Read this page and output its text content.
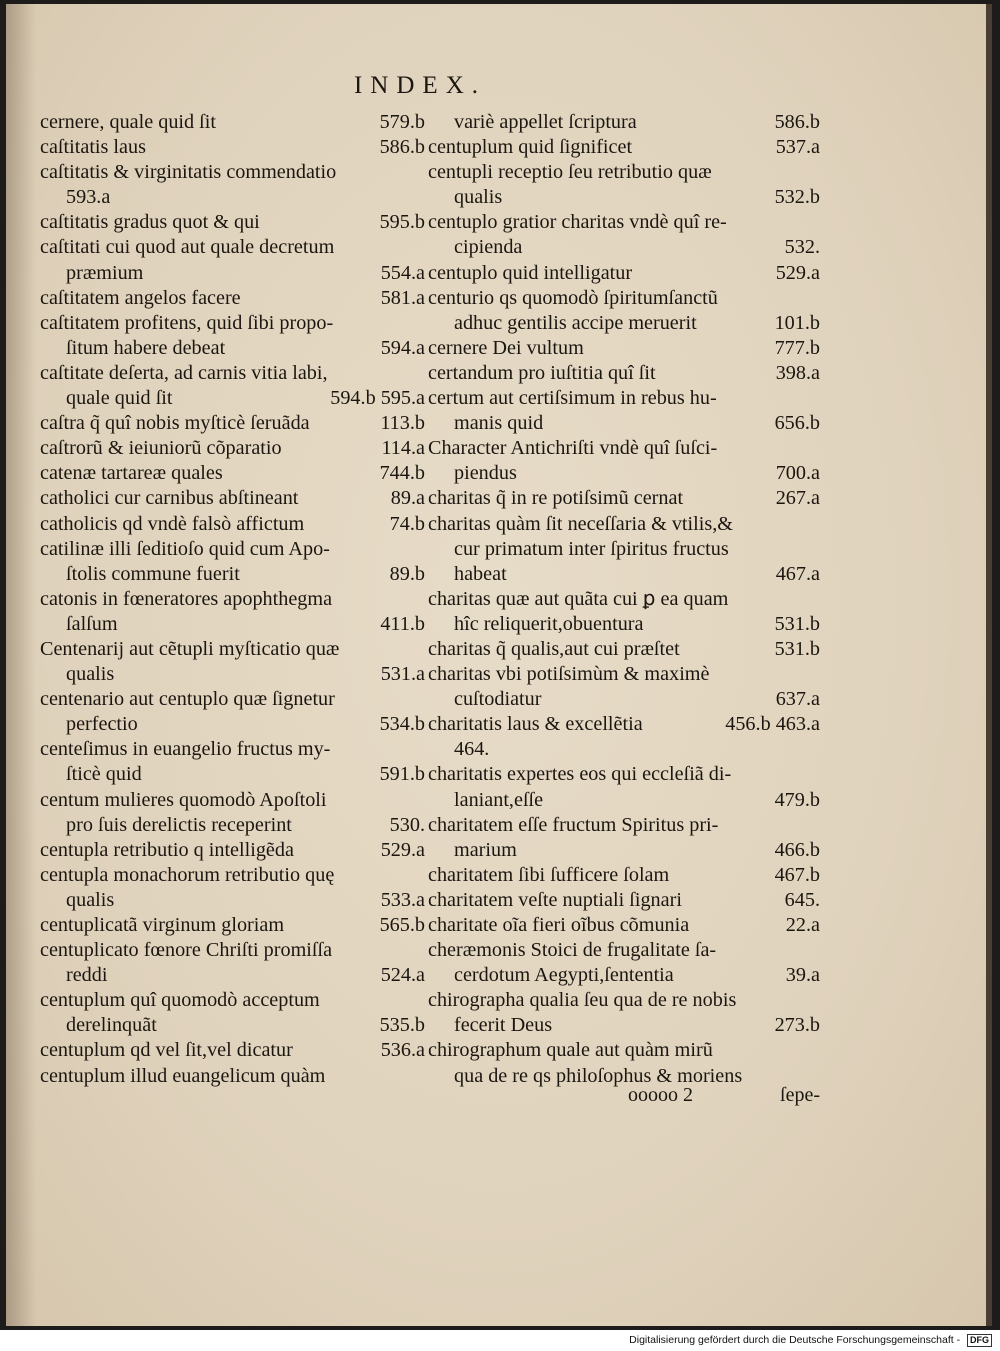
INDEX.
cernere, quale quid ſit	579.b
caſtitatis laus	586.b
caſtitatis & virginitatis commendatio
593.a
caſtitatis gradus quot & qui	595.b
caſtitati cui quod aut quale decretum
præmium	554.a
caſtitatem angelos facere	581.a
caſtitatem profitens, quid ſibi propo-
ſitum habere debeat	594.a
caſtitate deſerta, ad carnis vitia labi,
quale quid ſit	594.b 595.a
caſtra q̃ quî nobis myſticè ſeruãda	113.b
caſtrorũ & ieiuniorũ cõparatio	114.a
catenæ tartareæ quales	744.b
catholici cur carnibus abſtineant	89.a
catholicis qd vndè falsò affictum	74.b
catilinæ illi ſeditioſo quid cum Apo-
ſtolis commune fuerit	89.b
catonis in fœneratores apophthegma
ſalſum	411.b
Centenarij aut cẽtupli myſticatio quæ
qualis	531.a
centenario aut centuplo quæ ſignetur
perfectio	534.b
centeſimus in euangelio fructus my-
ſticè quid	591.b
centum mulieres quomodò Apoſtoli
pro ſuis derelictis receperint	530.
centupla retributio q intelligẽda	529.a
centupla monachorum retributio quę
qualis	533.a
centuplicatã virginum gloriam	565.b
centuplicato fœnore Chriſti promiſſa
reddi	524.a
centuplum quî quomodò acceptum
derelinquãt	535.b
centuplum qd vel ſit,vel dicatur	536.a
centuplum illud euangelicum quàm
variè appellet ſcriptura	586.b
centuplum quid ſignificet	537.a
centupli receptio ſeu retributio quæ
qualis	532.b
centuplo gratior charitas vndè quî re-
cipienda	532.
centuplo quid intelligatur	529.a
centurio qs quomodò ſpiritumſanctũ
adhuc gentilis accipe meruerit	101.b
cernere Dei vultum	777.b
certandum pro iuſtitia quî ſit	398.a
certum aut certiſsimum in rebus hu-
manis quid	656.b
Character Antichriſti vndè quî ſuſci-
piendus	700.a
charitas q̃ in re potiſsimũ cernat	267.a
charitas quàm ſit neceſſaria & vtilis,&
cur primatum inter ſpiritus fructus
habeat	467.a
charitas quæ aut quãta cui ꝑ ea quam
hîc reliquerit,obuentura	531.b
charitas q̃ qualis,aut cui præſtet	531.b
charitas vbi potiſsimùm & maximè
cuſtodiatur	637.a
charitatis laus & excellẽtia	456.b 463.a
464.
charitatis expertes eos qui eccleſiã di-
laniant,eſſe	479.b
charitatem eſſe fructum Spiritus pri-
marium	466.b
charitatem ſibi ſufficere ſolam	467.b
charitatem veſte nuptiali ſignari	645.
charitate oĩa fieri oĩbus cõmunia	22.a
cheræmonis Stoici de frugalitate ſa-
cerdotum Aegypti,ſententia	39.a
chirographa qualia ſeu qua de re nobis
fecerit Deus	273.b
chirographum quale aut quàm mirũ
qua de re qs philoſophus & moriens
ooooo 2	ſepe-
Digitalisierung gefördert durch die Deutsche Forschungsgemeinschaft - DFG
